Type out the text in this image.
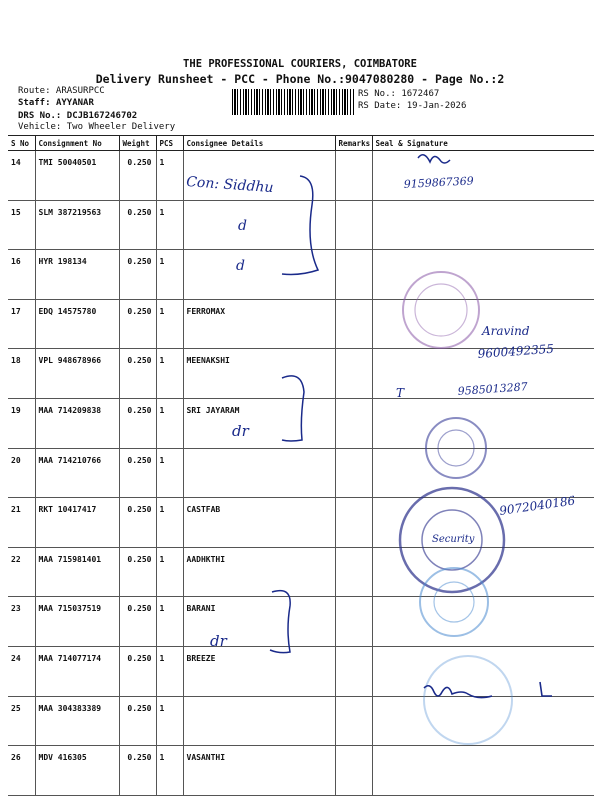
THE PROFESSIONAL COURIERS, COIMBATORE
Delivery Runsheet - PCC - Phone No.:9047080280 - Page No.:2
Route: ARASURPCC
Staff: AYYANAR
DRS No.: DCJB167246702
Vehicle: Two Wheeler Delivery
RS No.: 1672467
RS Date: 19-Jan-2026
S No	Consignment No	Weight	PCS	Consignee Details	Remarks	Seal & Signature
14	TMI 50040501	0.250	1			
15	SLM 387219563	0.250	1			
16	HYR 198134	0.250	1			
17	EDQ 14575780	0.250	1	FERROMAX		
18	VPL 948678966	0.250	1	MEENAKSHI		
19	MAA 714209838	0.250	1	SRI JAYARAM		
20	MAA 714210766	0.250	1			
21	RKT 10417417	0.250	1	CASTFAB		
22	MAA 715981401	0.250	1	AADHKTHI		
23	MAA 715037519	0.250	1	BARANI		
24	MAA 714077174	0.250	1	BREEZE		
25	MAA 304383389	0.250	1			
26	MDV 416305	0.250	1	VASANTHI		
Con: Siddhu	9159867369
d
d
Aravind
9600492355
dr
T	9585013287
Security
9072040186
dr
